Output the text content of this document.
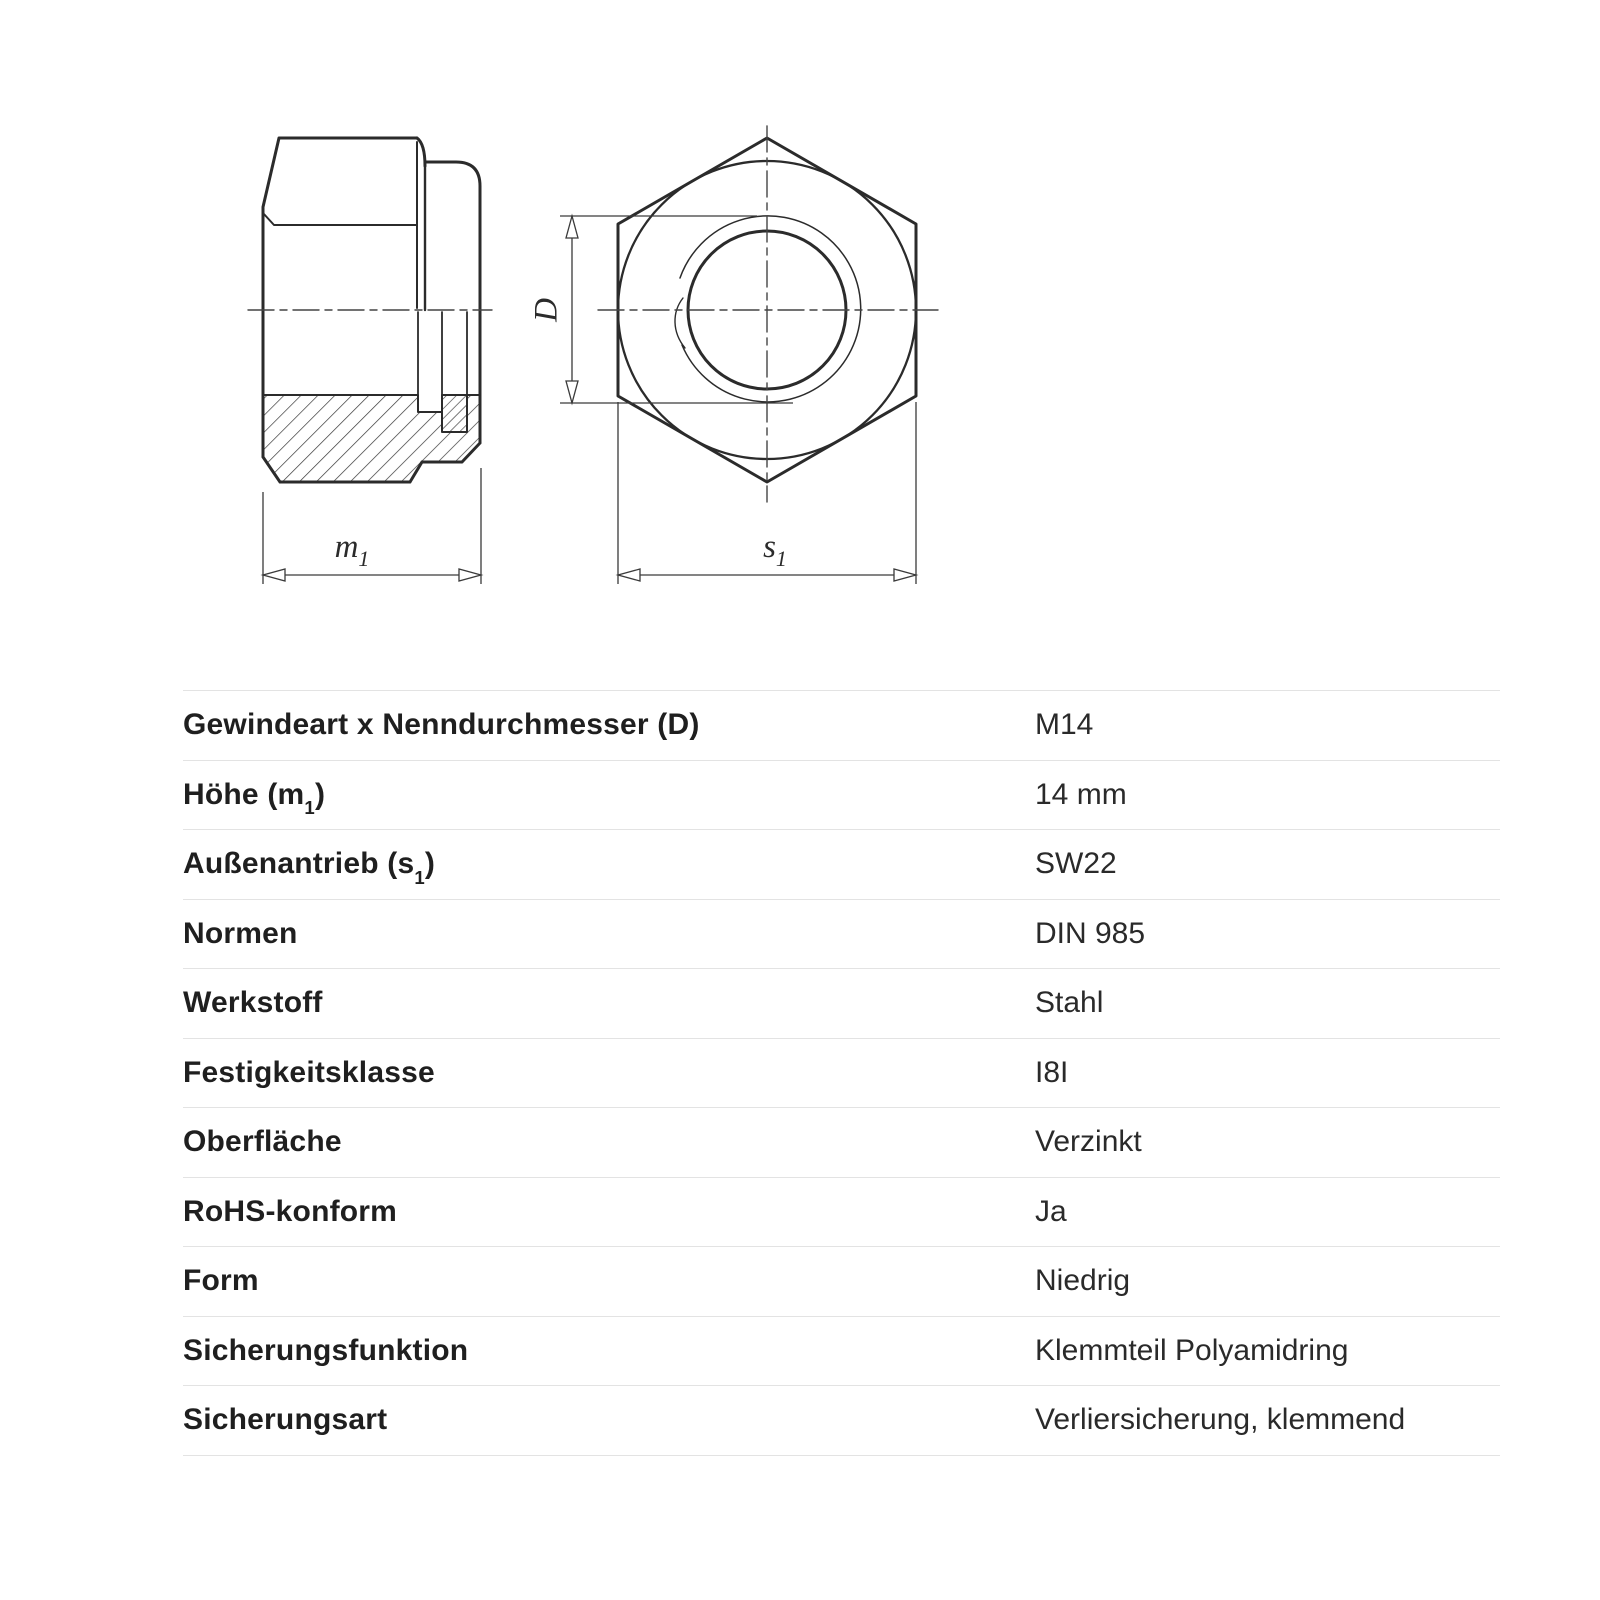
$m_1$	$s_1$
D
Gewindeart x Nenndurchmesser (D)	M14
Höhe $(m_1)$	14 mm
Außenantrieb $(s_1)$	SW22
Normen	DIN 985
Werkstoff	Stahl
Festigkeitsklasse	I8I
Oberfläche	Verzinkt
RoHS-konform	Ja
Form	Niedrig
Sicherungsfunktion	Klemmteil Polyamidring
Sicherungsart	Verliersicherung, klemmend
